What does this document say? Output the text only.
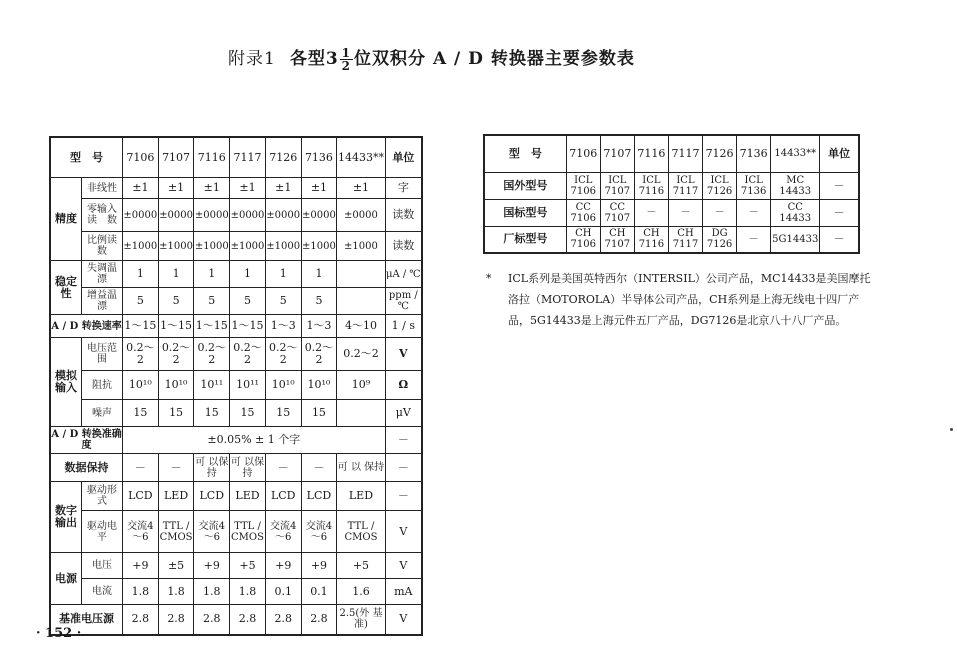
附录1 各型$3 \frac{1}{2}$ 位双积分 A / D 转换器主要参数表
型　号		7106	7107	7116	7117	7126	7136	14433**	单位
精度	非线性	±1	±1	±1	±1	±1	±1	±1	字
	零输入读　数	±0000	±0000	±0000	±0000	±0000	±0000	±0000	读数
	比例读数	±1000	±1000	±1000	±1000	±1000	±1000	±1000	读数
稳定性	失调温漂	1	1	1	1	1	1		μA / ℃
	增益温漂	5	5	5	5	5	5		ppm / ℃
A / D 转换速率		1～15	1～15	1～15	1～15	1～3	1～3	4～10	1 / s
模拟输入	电压范围	0.2～2	0.2～2	0.2～2	0.2～2	0.2～2	0.2～2	0.2～2	V
	阻抗	10¹⁰	10¹⁰	10¹¹	10¹¹	10¹⁰	10¹⁰	10⁹	Ω
	噪声	15	15	15	15	15	15		μV
A / D 转换准确度		±0.05% ± 1 个字							－
数据保持		－	－	可 以保持	可 以保持	－	－	可 以 保持	－
数字输出	驱动形式	LCD	LED	LCD	LED	LCD	LCD	LED	－
	驱动电平	交流4～6	TTL / CMOS	交流4～6	TTL / CMOS	交流4～6	交流4～6	TTL / CMOS	V
电源	电压	+9	±5	+9	+5	+9	+9	+5	V
	电流	1.8	1.8	1.8	1.8	0.1	0.1	1.6	mA
基准电压源		2.8	2.8	2.8	2.8	2.8	2.8	2.5(外 基准)	V
型　号	7106	7107	7116	7117	7126	7136	14433**	单位
国外型号	ICL 7106	ICL 7107	ICL 7116	ICL 7117	ICL 7126	ICL 7136	MC 14433	－
国标型号	CC 7106	CC 7107	－	－	－	－	CC 14433	－
厂标型号	CH 7106	CH 7107	CH 7116	CH 7117	DG 7126	－	5G14433	－
* ICL系列是美国英特西尔（INTERSIL）公司产品，MC14433是美国摩托洛拉（MOTOROLA）半导体公司产品，CH系列是上海无线电十四厂产品，5G14433是上海元件五厂产品，DG7126是北京八十八厂产品。
· 152 ·
